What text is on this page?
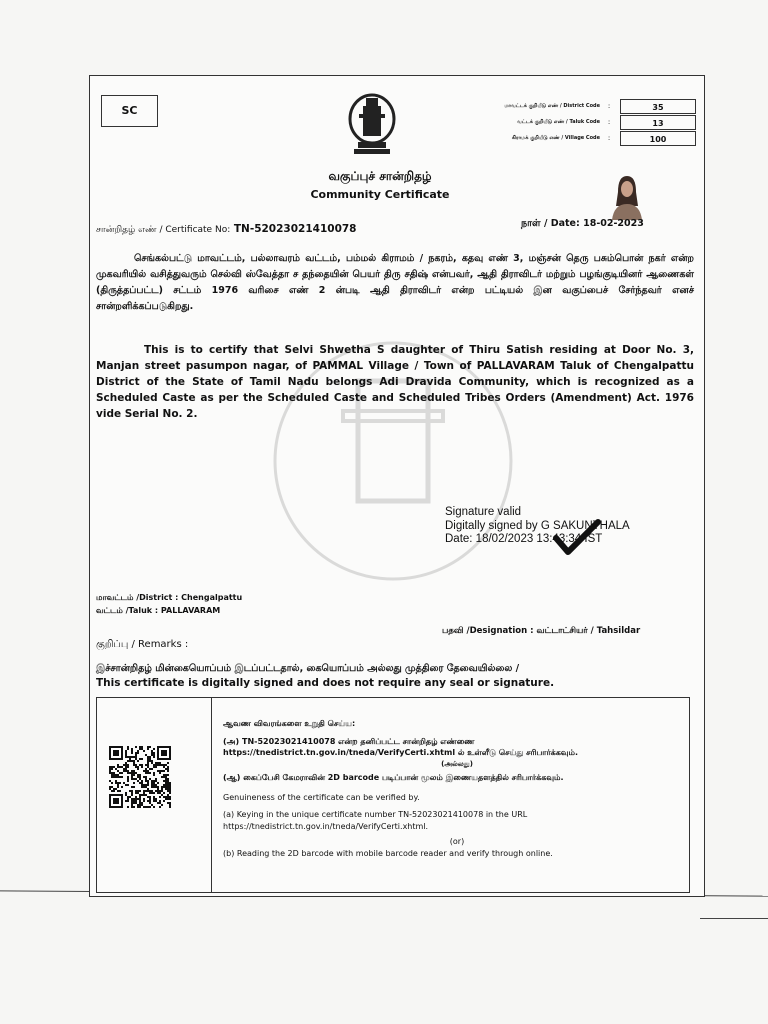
SC	மாவட்டக் குறியீடு எண் / District Code	:	35
வட்டக் குறியீடு எண் / Taluk Code	:	13
கிராமக் குறியீடு எண் / Village Code	:	100
வகுப்புச் சான்றிதழ்
Community Certificate
சான்றிதழ் எண் / Certificate No: TN-52023021410078	நாள் / Date: 18-02-2023

செங்கல்பட்டு மாவட்டம், பல்லாவரம் வட்டம், பம்மல் கிராமம் / நகரம், கதவு எண் 3, மஞ்சன் தெரு பசும்பொன் நகர் என்ற முகவரியில் வசித்துவரும் செல்வி ஸ்வேத்தா ச தந்தையின் பெயர் திரு சதிஷ் என்பவர், ஆதி திராவிடர் மற்றும் பழங்குடியினர் ஆணைகள் (திருத்தப்பட்ட) சட்டம் 1976 வரிசை எண் 2 ன்படி ஆதி திராவிடர் என்ற பட்டியல் இன வகுப்பைச் சேர்ந்தவர் எனச் சான்றளிக்கப்படுகிறது.

This is to certify that Selvi Shwetha S daughter of Thiru Satish residing at Door No. 3, Manjan street pasumpon nagar, of PAMMAL Village / Town of PALLAVARAM Taluk of Chengalpattu District of the State of Tamil Nadu belongs Adi Dravida Community, which is recognized as a Scheduled Caste as per the Scheduled Caste and Scheduled Tribes Orders (Amendment) Act. 1976 vide Serial No. 2.

Signature valid
Digitally signed by G SAKUNTHALA
Date: 18/02/2023 13:43:34 IST
மாவட்டம் /District : Chengalpattu
வட்டம் /Taluk : PALLAVARAM
பதவி /Designation : வட்டாட்சியர் / Tahsildar
குறிப்பு / Remarks :
இச்சான்றிதழ் மின்கையொப்பம் இடப்பட்டதால், கையொப்பம் அல்லது முத்திரை தேவையில்லை /
This certificate is digitally signed and does not require any seal or signature.
ஆவண விவரங்களை உறுதி செய்ய:
(அ) TN-52023021410078 என்ற தனிப்பட்ட சான்றிதழ் எண்ணை https://tnedistrict.tn.gov.in/tneda/VerifyCerti.xhtml ல் உள்ளீடு செய்து சரிபார்க்கவும்.
(அல்லது)
(ஆ) கைப்பேசி கேமராவின் 2D barcode படிப்பான் மூலம் இணையதளத்தில் சரிபார்க்கவும்.
Genuineness of the certificate can be verified by.
(a) Keying in the unique certificate number TN-52023021410078 in the URL https://tnedistrict.tn.gov.in/tneda/VerifyCerti.xhtml.
(or)
(b) Reading the 2D barcode with mobile barcode reader and verify through online.
